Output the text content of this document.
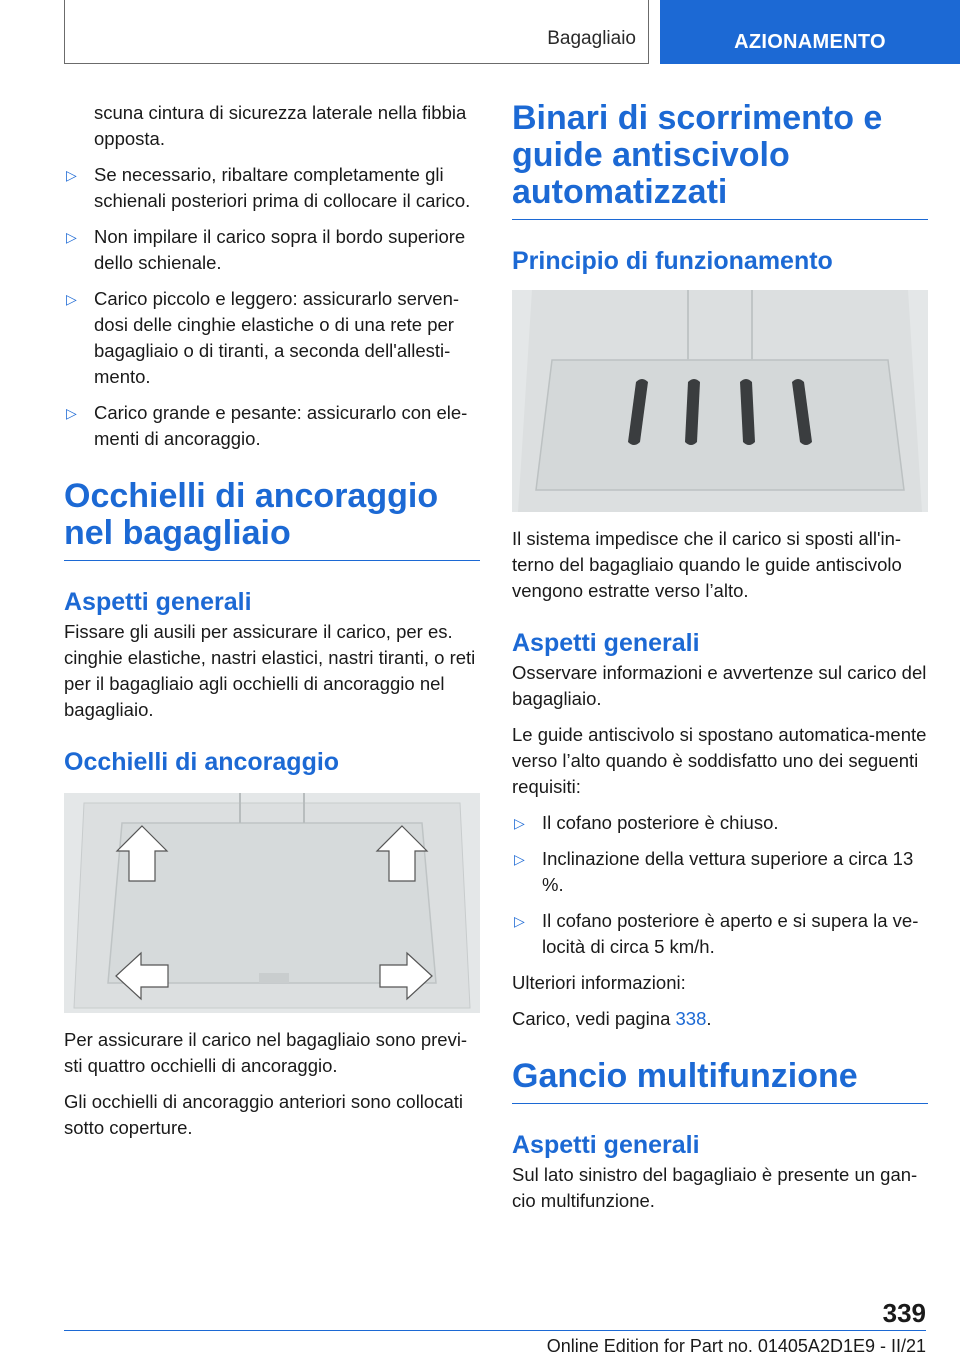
Bagagliaio	AZIONAMENTO

scuna cintura di sicurezza laterale nella fibbia opposta.

▷ Se necessario, ribaltare completamente gli schienali posteriori prima di collocare il carico.
▷ Non impilare il carico sopra il bordo superiore dello schienale.
▷ Carico piccolo e leggero: assicurarlo serven-dosi delle cinghie elastiche o di una rete per bagagliaio o di tiranti, a seconda dell'allesti-mento.
▷ Carico grande e pesante: assicurarlo con ele-menti di ancoraggio.
Occhielli di ancoraggio nel bagagliaio
Aspetti generali

Fissare gli ausili per assicurare il carico, per es. cinghie elastiche, nastri elastici, nastri tiranti, o reti per il bagagliaio agli occhielli di ancoraggio nel bagagliaio.

Occhielli di ancoraggio

Per assicurare il carico nel bagagliaio sono previ-sti quattro occhielli di ancoraggio.

Gli occhielli di ancoraggio anteriori sono collocati sotto coperture.

Binari di scorrimento e guide antiscivolo automatizzati
Principio di funzionamento

Il sistema impedisce che il carico si sposti all'in-terno del bagagliaio quando le guide antiscivolo vengono estratte verso l’alto.

Aspetti generali

Osservare informazioni e avvertenze sul carico del bagagliaio.

Le guide antiscivolo si spostano automatica-mente verso l’alto quando è soddisfatto uno dei seguenti requisiti:

▷ Il cofano posteriore è chiuso.
▷ Inclinazione della vettura superiore a circa 13 %.
▷ Il cofano posteriore è aperto e si supera la ve-locità di circa 5 km/h.

Ulteriori informazioni:

Carico, vedi pagina 338.

Gancio multifunzione
Aspetti generali

Sul lato sinistro del bagagliaio è presente un gan-cio multifunzione.

339
Online Edition for Part no. 01405A2D1E9 - II/21
